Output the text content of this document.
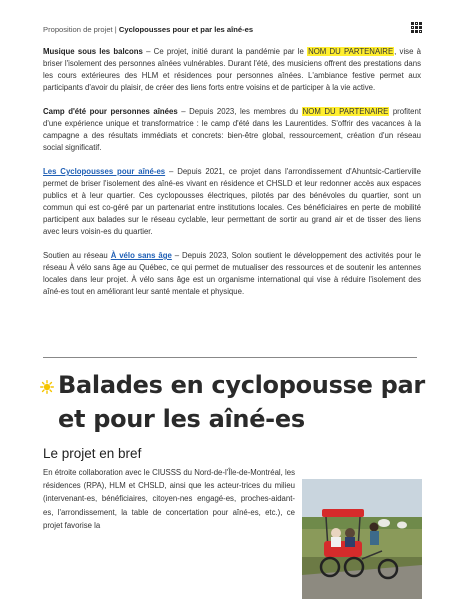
Proposition de projet | Cyclopousses pour et par les aîné-es

Musique sous les balcons – Ce projet, initié durant la pandémie par le NOM DU PARTENAIRE, vise à briser l'isolement des personnes aînées vulnérables. Durant l'été, des musiciens offrent des prestations dans les cours extérieures des HLM et résidences pour personnes aînées. L'ambiance festive permet aux participants d'avoir du plaisir, de créer des liens forts entre voisins et de participer à la vie active.

Camp d'été pour personnes aînées – Depuis 2023, les membres du NOM DU PARTENAIRE profitent d'une expérience unique et transformatrice : le camp d'été dans les Laurentides. S'offrir des vacances à la campagne a des résultats immédiats et concrets: bien-être global, ressourcement, création d'un réseau social significatif.

Les Cyclopousses pour aîné-es – Depuis 2021, ce projet dans l'arrondissement d'Ahuntsic-Cartierville permet de briser l'isolement des aîné-es vivant en résidence et CHSLD et leur redonner accès aux espaces publics et à leur quartier. Ces cyclopousses électriques, pilotés par des bénévoles du quartier, sont un commun qui est co-géré par un partenariat entre institutions locales. Ces bénéficiaires en perte de mobilité participent aux balades sur le réseau cyclable, leur permettant de sortir au grand air et de tisser des liens avec leurs voisin-es du quartier.

Soutien au réseau À vélo sans âge – Depuis 2023, Solon soutient le développement des activités pour le réseau À vélo sans âge au Québec, ce qui permet de mutualiser des ressources et de soutenir les antennes locales dans leur projet. À vélo sans âge est un organisme international qui vise à réduire l'isolement des aîné-es tout en améliorant leur santé mentale et physique.

Balades en cyclopousse par et pour les aîné-es
Le projet en bref
En étroite collaboration avec le CIUSSS du Nord-de-l'Île-de-Montréal, les résidences (RPA), HLM et CHSLD, ainsi que les acteur-trices du milieu (intervenant-es, bénéficiaires, citoyen-nes engagé-es, proches-aidant-es, l'arrondissement, la table de concertation pour aîné-es, etc.), ce projet favorise la
